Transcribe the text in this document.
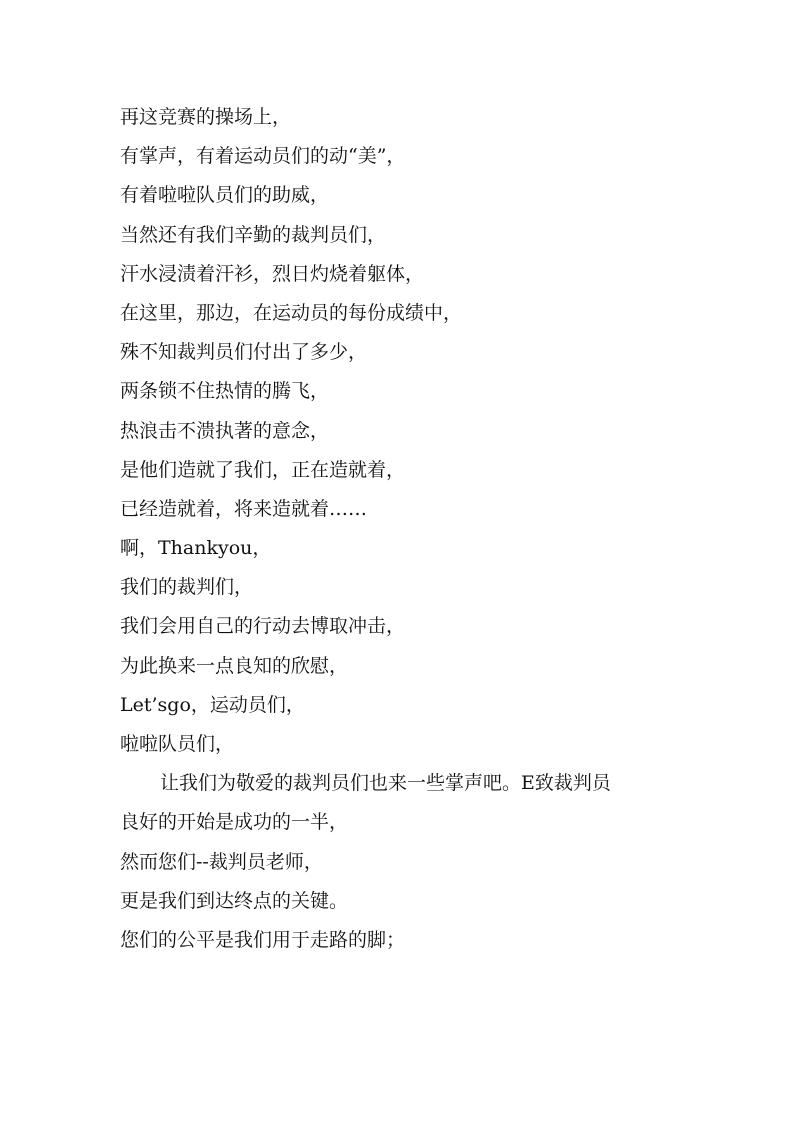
再这竞赛的操场上，
有掌声，有着运动员们的动“美”，
有着啦啦队员们的助威，
当然还有我们辛勤的裁判员们，
汗水浸渍着汗衫，烈日灼烧着躯体，
在这里，那边，在运动员的每份成绩中，
殊不知裁判员们付出了多少，
两条锁不住热情的腾飞，
热浪击不溃执著的意念，
是他们造就了我们，正在造就着，
已经造就着，将来造就着……
啊，Thankyou，
我们的裁判们，
我们会用自己的行动去博取冲击，
为此换来一点良知的欣慰，
Let’sgo，运动员们，
啦啦队员们，
让我们为敬爱的裁判员们也来一些掌声吧。E致裁判员
良好的开始是成功的一半，
然而您们--裁判员老师，
更是我们到达终点的关键。
您们的公平是我们用于走路的脚；
